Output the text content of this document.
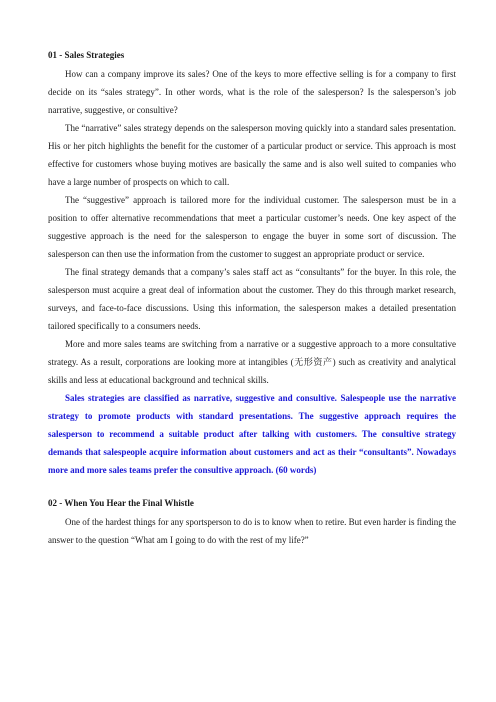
01 - Sales Strategies

How can a company improve its sales? One of the keys to more effective selling is for a company to first decide on its “sales strategy”. In other words, what is the role of the salesperson? Is the salesperson’s job narrative, suggestive, or consultive?

The “narrative” sales strategy depends on the salesperson moving quickly into a standard sales presentation. His or her pitch highlights the benefit for the customer of a particular product or service. This approach is most effective for customers whose buying motives are basically the same and is also well suited to companies who have a large number of prospects on which to call.

The “suggestive” approach is tailored more for the individual customer. The salesperson must be in a position to offer alternative recommendations that meet a particular customer’s needs. One key aspect of the suggestive approach is the need for the salesperson to engage the buyer in some sort of discussion. The salesperson can then use the information from the customer to suggest an appropriate product or service.

The final strategy demands that a company’s sales staff act as “consultants” for the buyer. In this role, the salesperson must acquire a great deal of information about the customer. They do this through market research, surveys, and face-to-face discussions. Using this information, the salesperson makes a detailed presentation tailored specifically to a consumers needs.

More and more sales teams are switching from a narrative or a suggestive approach to a more consultative strategy. As a result, corporations are looking more at intangibles (无形资产) such as creativity and analytical skills and less at educational background and technical skills.

Sales strategies are classified as narrative, suggestive and consultive. Salespeople use the narrative strategy to promote products with standard presentations. The suggestive approach requires the salesperson to recommend a suitable product after talking with customers. The consultive strategy demands that salespeople acquire information about customers and act as their “consultants”. Nowadays more and more sales teams prefer the consultive approach. (60 words)

02 - When You Hear the Final Whistle

One of the hardest things for any sportsperson to do is to know when to retire. But even harder is finding the answer to the question “What am I going to do with the rest of my life?”
